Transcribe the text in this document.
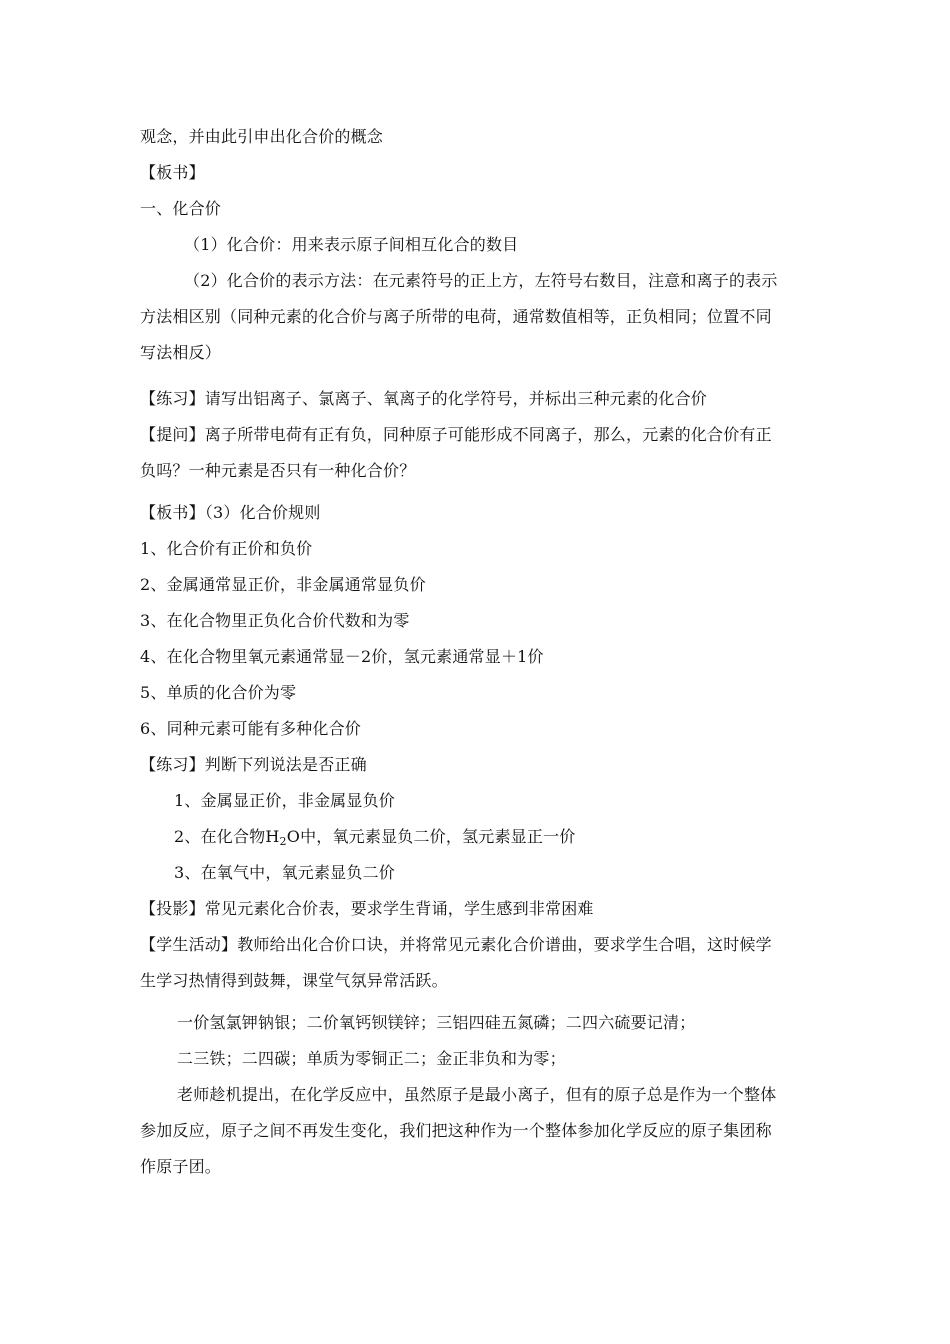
观念，并由此引申出化合价的概念
【板书】
一、化合价
（1）化合价：用来表示原子间相互化合的数目
（2）化合价的表示方法：在元素符号的正上方，左符号右数目，注意和离子的表示
方法相区别（同种元素的化合价与离子所带的电荷，通常数值相等，正负相同；位置不同
写法相反）
【练习】请写出铝离子、氯离子、氧离子的化学符号，并标出三种元素的化合价
【提问】离子所带电荷有正有负，同种原子可能形成不同离子，那么，元素的化合价有正
负吗？一种元素是否只有一种化合价？
【板书】（3）化合价规则
1、化合价有正价和负价
2、金属通常显正价，非金属通常显负价
3、在化合物里正负化合价代数和为零
4、在化合物里氧元素通常显－2价，氢元素通常显＋1价
5、单质的化合价为零
6、同种元素可能有多种化合价
【练习】判断下列说法是否正确
1、金属显正价，非金属显负价
2、在化合物$H_2O$中，氧元素显负二价，氢元素显正一价
3、在氧气中，氧元素显负二价
【投影】常见元素化合价表，要求学生背诵，学生感到非常困难
【学生活动】教师给出化合价口诀，并将常见元素化合价谱曲，要求学生合唱，这时候学
生学习热情得到鼓舞，课堂气氛异常活跃。
一价氢氯钾钠银；二价氧钙钡镁锌；三铝四硅五氮磷；二四六硫要记清；
二三铁；二四碳；单质为零铜正二；金正非负和为零；
老师趁机提出，在化学反应中，虽然原子是最小离子，但有的原子总是作为一个整体
参加反应，原子之间不再发生变化，我们把这种作为一个整体参加化学反应的原子集团称
作原子团。
